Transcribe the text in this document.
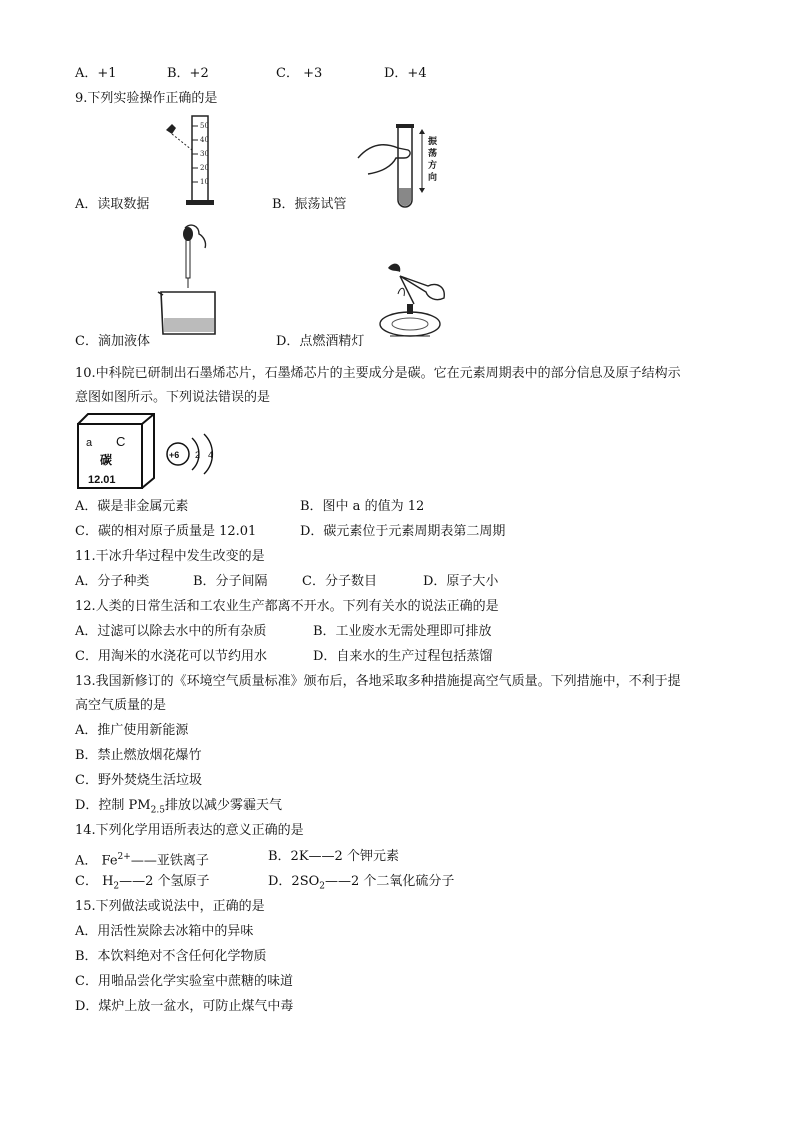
A．+1	B．+2	C． +3	D．+4
9.下列实验操作正确的是
50
40
30
20
10
A．读取数据
振
荡
方
向
B．振荡试管
C．滴加液体	D．点燃酒精灯
10.中科院已研制出石墨烯芯片，石墨烯芯片的主要成分是碳。它在元素周期表中的部分信息及原子结构示
意图如图所示。下列说法错误的是
a C
碳
12.01
+6 2 4
A．碳是非金属元素	B．图中 a 的值为 12
C．碳的相对原子质量是 12.01	D．碳元素位于元素周期表第二周期
11.干冰升华过程中发生改变的是
A．分子种类	B．分子间隔	C．分子数目	D．原子大小
12.人类的日常生活和工农业生产都离不开水。下列有关水的说法正确的是
A．过滤可以除去水中的所有杂质	B．工业废水无需处理即可排放
C．用淘米的水浇花可以节约用水	D．自来水的生产过程包括蒸馏
13.我国新修订的《环境空气质量标准》颁布后，各地采取多种措施提高空气质量。下列措施中，不利于提
高空气质量的是
A．推广使用新能源
B．禁止燃放烟花爆竹
C．野外焚烧生活垃圾
D．控制 $PM_{2.5}$排放以减少雾霾天气
14.下列化学用语所表达的意义正确的是
A． $Fe^{2+}——$亚铁离子	B．2K——2 个钾元素
C． $H_2——2$ 个氢原子	D．$2SO_2——2$ 个二氧化硫分子
15.下列做法或说法中，正确的是
A．用活性炭除去冰箱中的异味
B．本饮料绝对不含任何化学物质
C．用啪品尝化学实验室中蔗糖的味道
D．煤炉上放一盆水，可防止煤气中毒
